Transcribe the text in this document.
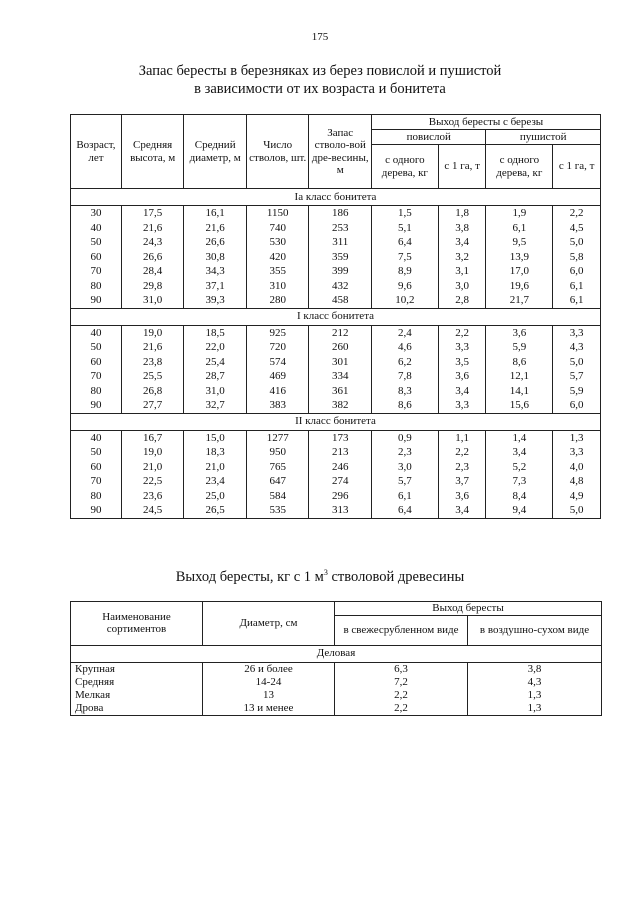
175
Запас бересты в березняках из берез повислой и пушистой
в зависимости от их возраста и бонитета
Возраст, лет	Средняя высота, м	Средний диаметр, м	Число стволов, шт.	Запас стволо-вой дре-весины, м	Выход бересты с березы			
					повислой		пушистой	
					с одного дерева, кг	с 1 га, т	с одного дерева, кг	с 1 га, т
Iа класс бонитета								
30	17,5	16,1	1150	186	1,5	1,8	1,9	2,2
40	21,6	21,6	740	253	5,1	3,8	6,1	4,5
50	24,3	26,6	530	311	6,4	3,4	9,5	5,0
60	26,6	30,8	420	359	7,5	3,2	13,9	5,8
70	28,4	34,3	355	399	8,9	3,1	17,0	6,0
80	29,8	37,1	310	432	9,6	3,0	19,6	6,1
90	31,0	39,3	280	458	10,2	2,8	21,7	6,1
I класс бонитета								
40	19,0	18,5	925	212	2,4	2,2	3,6	3,3
50	21,6	22,0	720	260	4,6	3,3	5,9	4,3
60	23,8	25,4	574	301	6,2	3,5	8,6	5,0
70	25,5	28,7	469	334	7,8	3,6	12,1	5,7
80	26,8	31,0	416	361	8,3	3,4	14,1	5,9
90	27,7	32,7	383	382	8,6	3,3	15,6	6,0
II класс бонитета								
40	16,7	15,0	1277	173	0,9	1,1	1,4	1,3
50	19,0	18,3	950	213	2,3	2,2	3,4	3,3
60	21,0	21,0	765	246	3,0	2,3	5,2	4,0
70	22,5	23,4	647	274	5,7	3,7	7,3	4,8
80	23,6	25,0	584	296	6,1	3,6	8,4	4,9
90	24,5	26,5	535	313	6,4	3,4	9,4	5,0
Выход бересты, кг с 1 $м^3$ стволовой древесины
Наименование сортиментов	Диаметр, см	Выход бересты	
		в свежесрубленном виде	в воздушно-сухом виде
Деловая			
Крупная	26 и более	6,3	3,8
Средняя	14-24	7,2	4,3
Мелкая	13	2,2	1,3
Дрова	13 и менее	2,2	1,3
